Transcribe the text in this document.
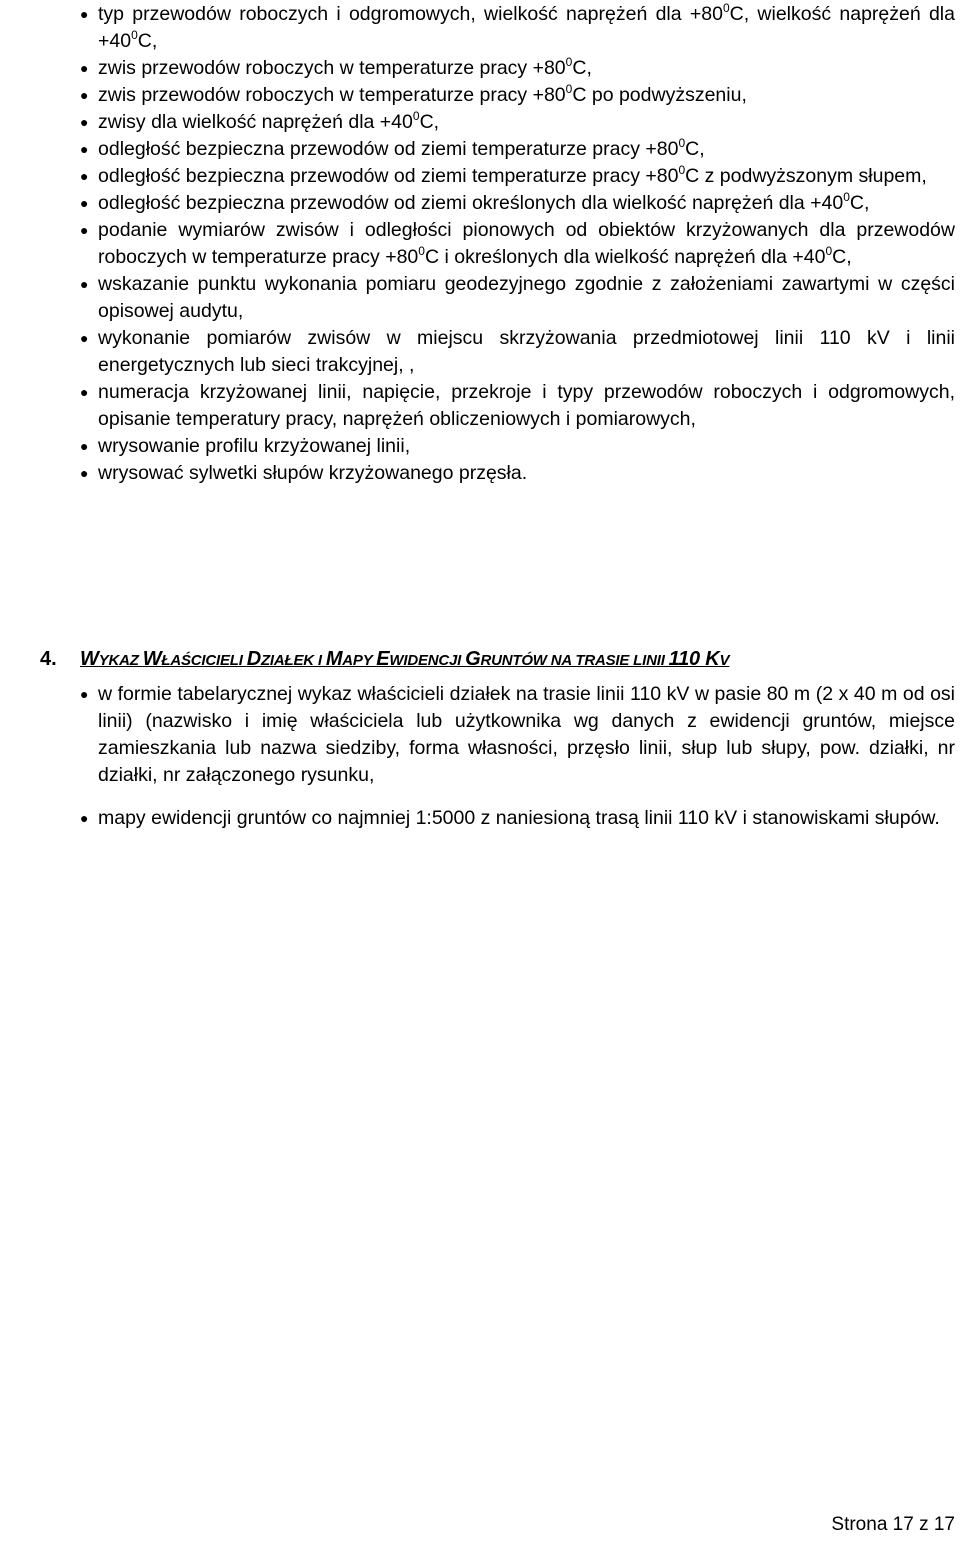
● typ przewodów roboczych i odgromowych, wielkość naprężeń dla $+80^0C$, wielkość naprężeń dla $+40^0C$,
● zwis przewodów roboczych w temperaturze pracy $+80^0C$,
● zwis przewodów roboczych w temperaturze pracy $+80^0C$ po podwyższeniu,
● zwisy dla wielkość naprężeń dla $+40^0C$,
● odległość bezpieczna przewodów od ziemi temperaturze pracy $+80^0C$,
● odległość bezpieczna przewodów od ziemi temperaturze pracy $+80^0C$ z podwyższonym słupem,
● odległość bezpieczna przewodów od ziemi określonych dla wielkość naprężeń dla $+40^0C$,
● podanie wymiarów zwisów i odległości pionowych od obiektów krzyżowanych dla przewodów roboczych w temperaturze pracy $+80^0C$ i określonych dla wielkość naprężeń dla $+40^0C$,
● wskazanie punktu wykonania pomiaru geodezyjnego zgodnie z założeniami zawartymi w części opisowej audytu,
● wykonanie pomiarów zwisów w miejscu skrzyżowania przedmiotowej linii 110 kV i linii energetycznych lub sieci trakcyjnej, ,
● numeracja krzyżowanej linii, napięcie, przekroje i typy przewodów roboczych i odgromowych, opisanie temperatury pracy, naprężeń obliczeniowych i pomiarowych,
● wrysowanie profilu krzyżowanej linii,
● wrysować sylwetki słupów krzyżowanego przęsła.
4. WYKAZ WŁAŚCICIELI DZIAŁEK I MAPY EWIDENCJI GRUNTÓW NA TRASIE LINII 110 KV
● w formie tabelarycznej wykaz właścicieli działek na trasie linii 110 kV w pasie 80 m (2 x 40 m od osi linii) (nazwisko i imię właściciela lub użytkownika wg danych z ewidencji gruntów, miejsce zamieszkania lub nazwa siedziby, forma własności, przęsło linii, słup lub słupy, pow. działki, nr działki, nr załączonego rysunku,
● mapy ewidencji gruntów co najmniej 1:5000 z naniesioną trasą linii 110 kV i stanowiskami słupów.
Strona 17 z 17
